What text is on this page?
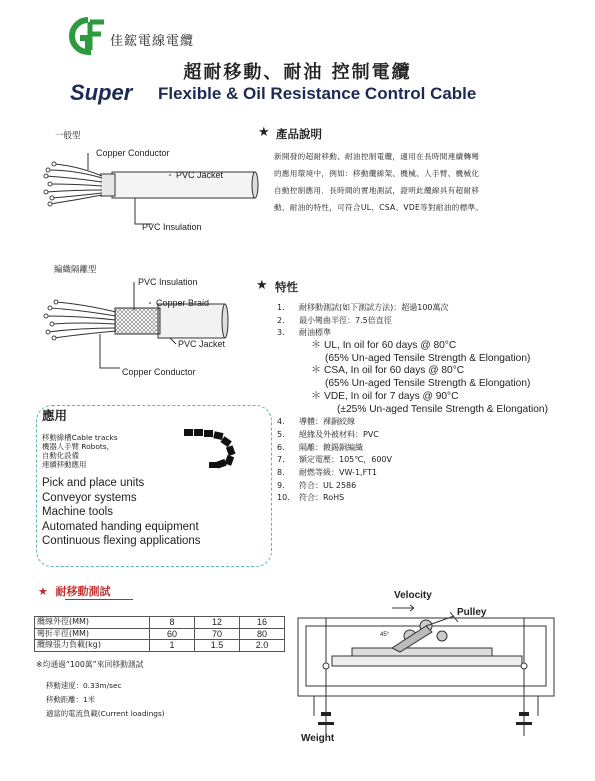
佳鋐電線電纜
超耐移動、耐油 控制電纜
Super Flexible & Oil Resistance Control Cable
一般型
Copper Conductor
PVC Jacket
PVC Insulation
編織隔離型
PVC Insulation
Copper Braid
PVC Jacket
Copper Conductor
★ 產品說明
新開發的超耐移動、耐油控制電纜，適用在長時間連續轉彎
的應用環境中，例如：移動纜線架、機械、人手臂、機械化
自動控制應用．長時間的實地測試，證明此纜線具有超耐移
動、耐油的特性，可符合UL、CSA、VDE等對耐油的標準。
★ 特性
1.	耐移動測試(如下測試方法)：超過100萬次
2.	最小彎曲半徑：7.5倍直徑
3.	耐油標準
＊ UL, In oil for 60 days @ 80°C
(65% Un-aged Tensile Strength & Elongation)
＊ CSA, In oil for 60 days @ 80°C
(65% Un-aged Tensile Strength & Elongation)
＊ VDE, In oil for 7 days @ 90°C
(±25% Un-aged Tensile Strength & Elongation)
4.	導體：裸銅絞線
5.	絕緣及外被材料：PVC
6.	隔離：鍍錫銅編織
7.	額定電壓：105℃，600V
8.	耐燃等級：VW-1,FT1
9.	符合：UL 2586
10. 符合：RoHS
應用
移動線槽Cable tracks
機器人手臂 Robots,
自動化設備
連續移動應用
Pick and place units
Conveyor systems
Machine tools
Automated handing equipment
Continuous flexing applications
★ 耐移動測試
纜線外徑(MM)	8	12	16
彎折半徑(MM)	60	70	80
纜線張力負載(kg)	1	1.5	2.0
※均通過“100萬”來回移動測試
移動速度：0.33m/sec
移動距離：1米
適當的電流負載(Current loadings)
Velocity
Pulley
45°
Weight
